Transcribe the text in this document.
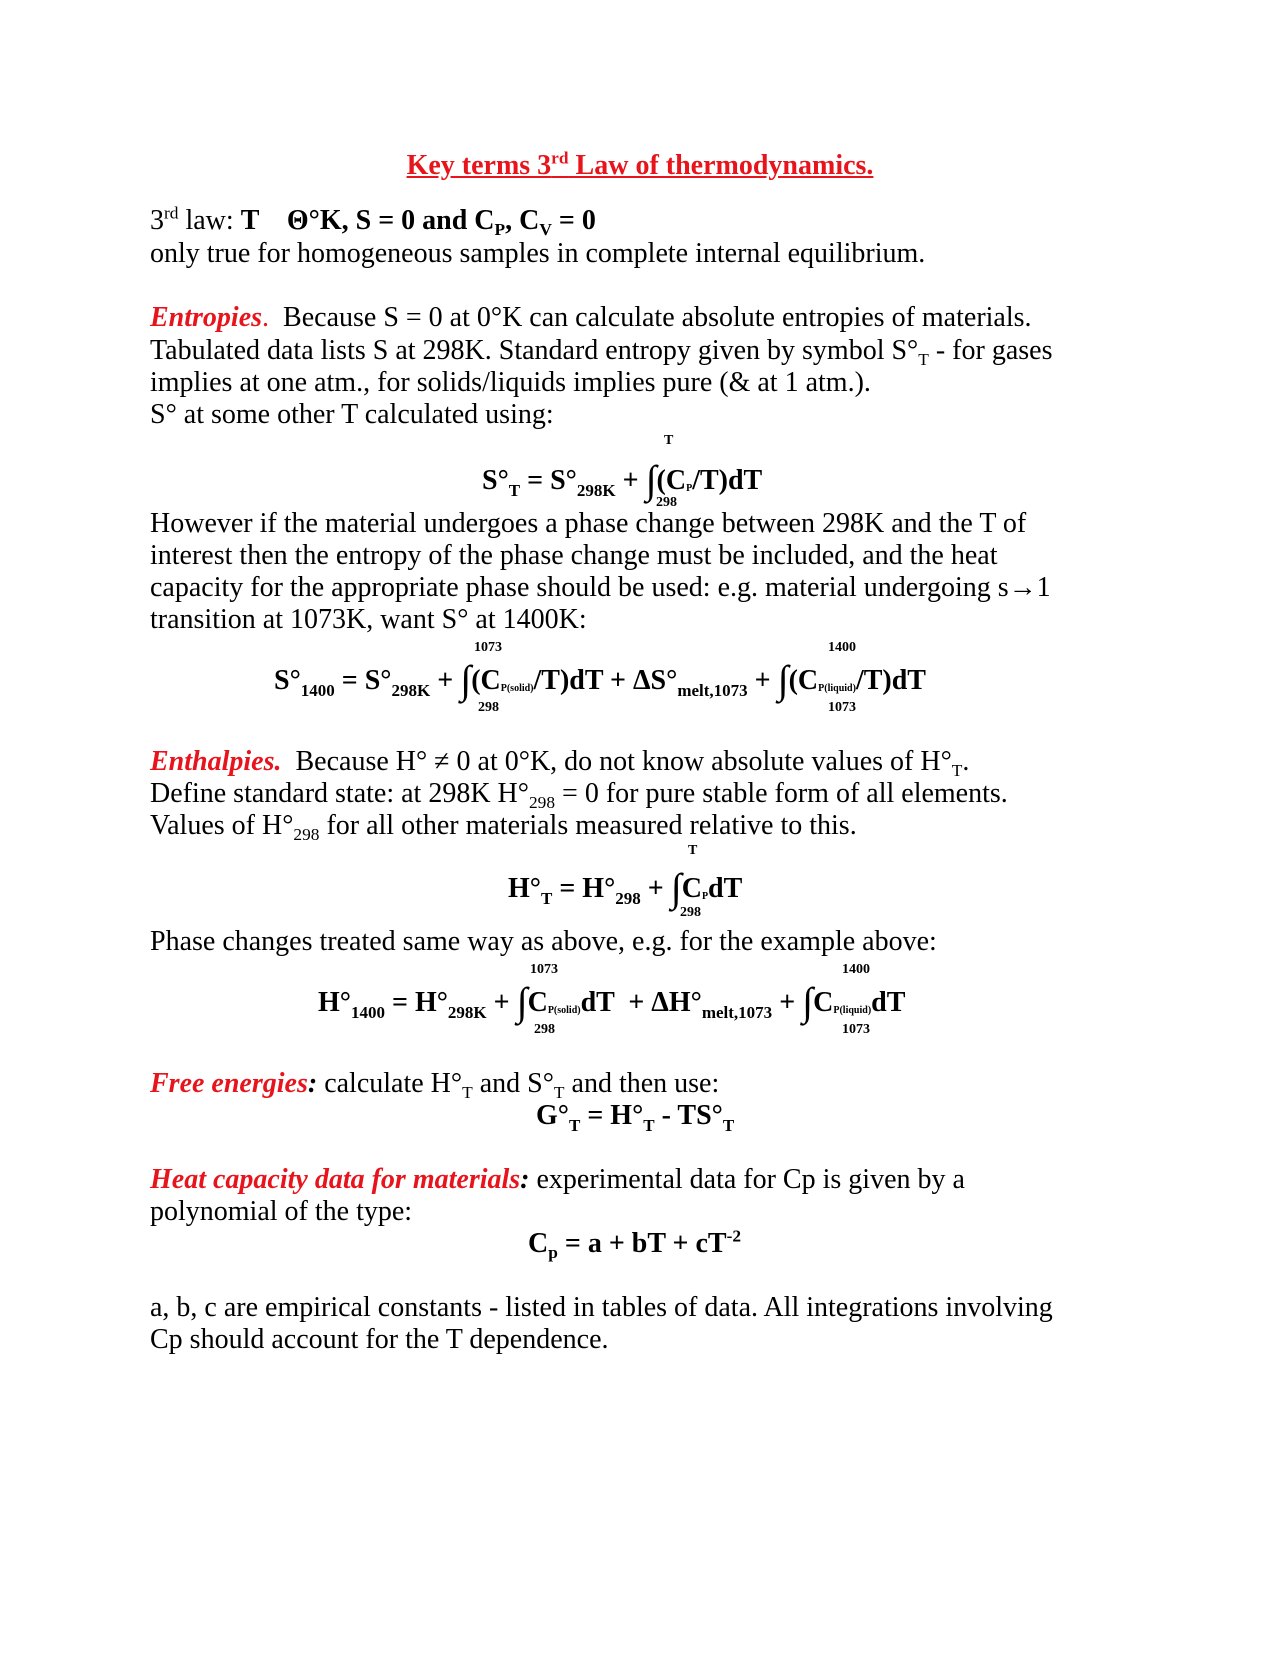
Key terms 3rd Law of thermodynamics.
3rd law: T    Θ°K, S = 0 and $C_P$, $C_V = 0$
only true for homogeneous samples in complete internal equilibrium.
Entropies.  Because S = 0 at 0°K can calculate absolute entropies of materials.
Tabulated data lists S at 298K. Standard entropy given by symbol $S^\circ_T$ - for gases
implies at one atm., for solids/liquids implies pure (& at 1 atm.).
S° at some other T calculated using:
T
$S^\circ_T = S^\circ_{298K} + \int(CP/T)dT$
298
However if the material undergoes a phase change between 298K and the T of
interest then the entropy of the phase change must be included, and the heat
capacity for the appropriate phase should be used: e.g. material undergoing s→1
transition at 1073K, want S° at 1400K:
1073	1400
$S^\circ_{1400} = S^\circ_{298K}$ + ∫(CP(solid)/T)dT + $\Delta S^\circ_{melt,1073}$ + ∫(CP(liquid)/T)dT
298	1073
Enthalpies.  Because H° ≠ 0 at 0°K, do not know absolute values of $H^\circ_T$.
Define standard state: at 298K $H^\circ_{298} = 0$ for pure stable form of all elements.
Values of $H^\circ_{298}$ for all other materials measured relative to this.
T
$H^\circ_T = H^\circ_{298}$ + ∫CPdT
298
Phase changes treated same way as above, e.g. for the example above:
1073	1400
$H^\circ_{1400} = H^\circ_{298K}$ + ∫CP(solid)dT  + $\Delta H^\circ_{melt,1073}$ + ∫CP(liquid)dT
298	1073
Free energies: calculate $H^\circ_T$ and $S^\circ_T$ and then use:
$G^\circ_T = H^\circ_T - TS^\circ_T$
Heat capacity data for materials: experimental data for Cp is given by a
polynomial of the type:
$C_p = a$ + bT + $cT^{-2}$
a, b, c are empirical constants - listed in tables of data. All integrations involving
Cp should account for the T dependence.
